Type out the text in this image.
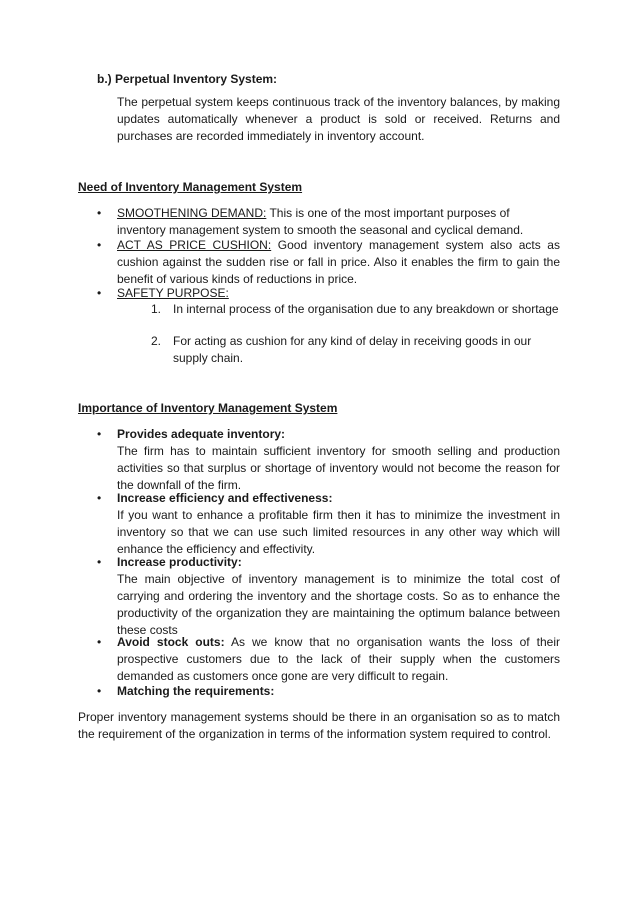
b.) Perpetual Inventory System:
The perpetual system keeps continuous track of the inventory balances, by making updates automatically whenever a product is sold or received. Returns and purchases are recorded immediately in inventory account.
Need of Inventory Management System
• SMOOTHENING DEMAND: This is one of the most important purposes of inventory management system to smooth the seasonal and cyclical demand.
• ACT AS PRICE CUSHION: Good inventory management system also acts as cushion against the sudden rise or fall in price. Also it enables the firm to gain the benefit of various kinds of reductions in price.
• SAFETY PURPOSE:
1. In internal process of the organisation due to any breakdown or shortage
2. For acting as cushion for any kind of delay in receiving goods in our supply chain.
Importance of Inventory Management System
• Provides adequate inventory:
The firm has to maintain sufficient inventory for smooth selling and production activities so that surplus or shortage of inventory would not become the reason for the downfall of the firm.
• Increase efficiency and effectiveness:
If you want to enhance a profitable firm then it has to minimize the investment in inventory so that we can use such limited resources in any other way which will enhance the efficiency and effectivity.
• Increase productivity:
The main objective of inventory management is to minimize the total cost of carrying and ordering the inventory and the shortage costs. So as to enhance the productivity of the organization they are maintaining the optimum balance between these costs
• Avoid stock outs: As we know that no organisation wants the loss of their prospective customers due to the lack of their supply when the customers demanded as customers once gone are very difficult to regain.
• Matching the requirements:
Proper inventory management systems should be there in an organisation so as to match the requirement of the organization in terms of the information system required to control.
